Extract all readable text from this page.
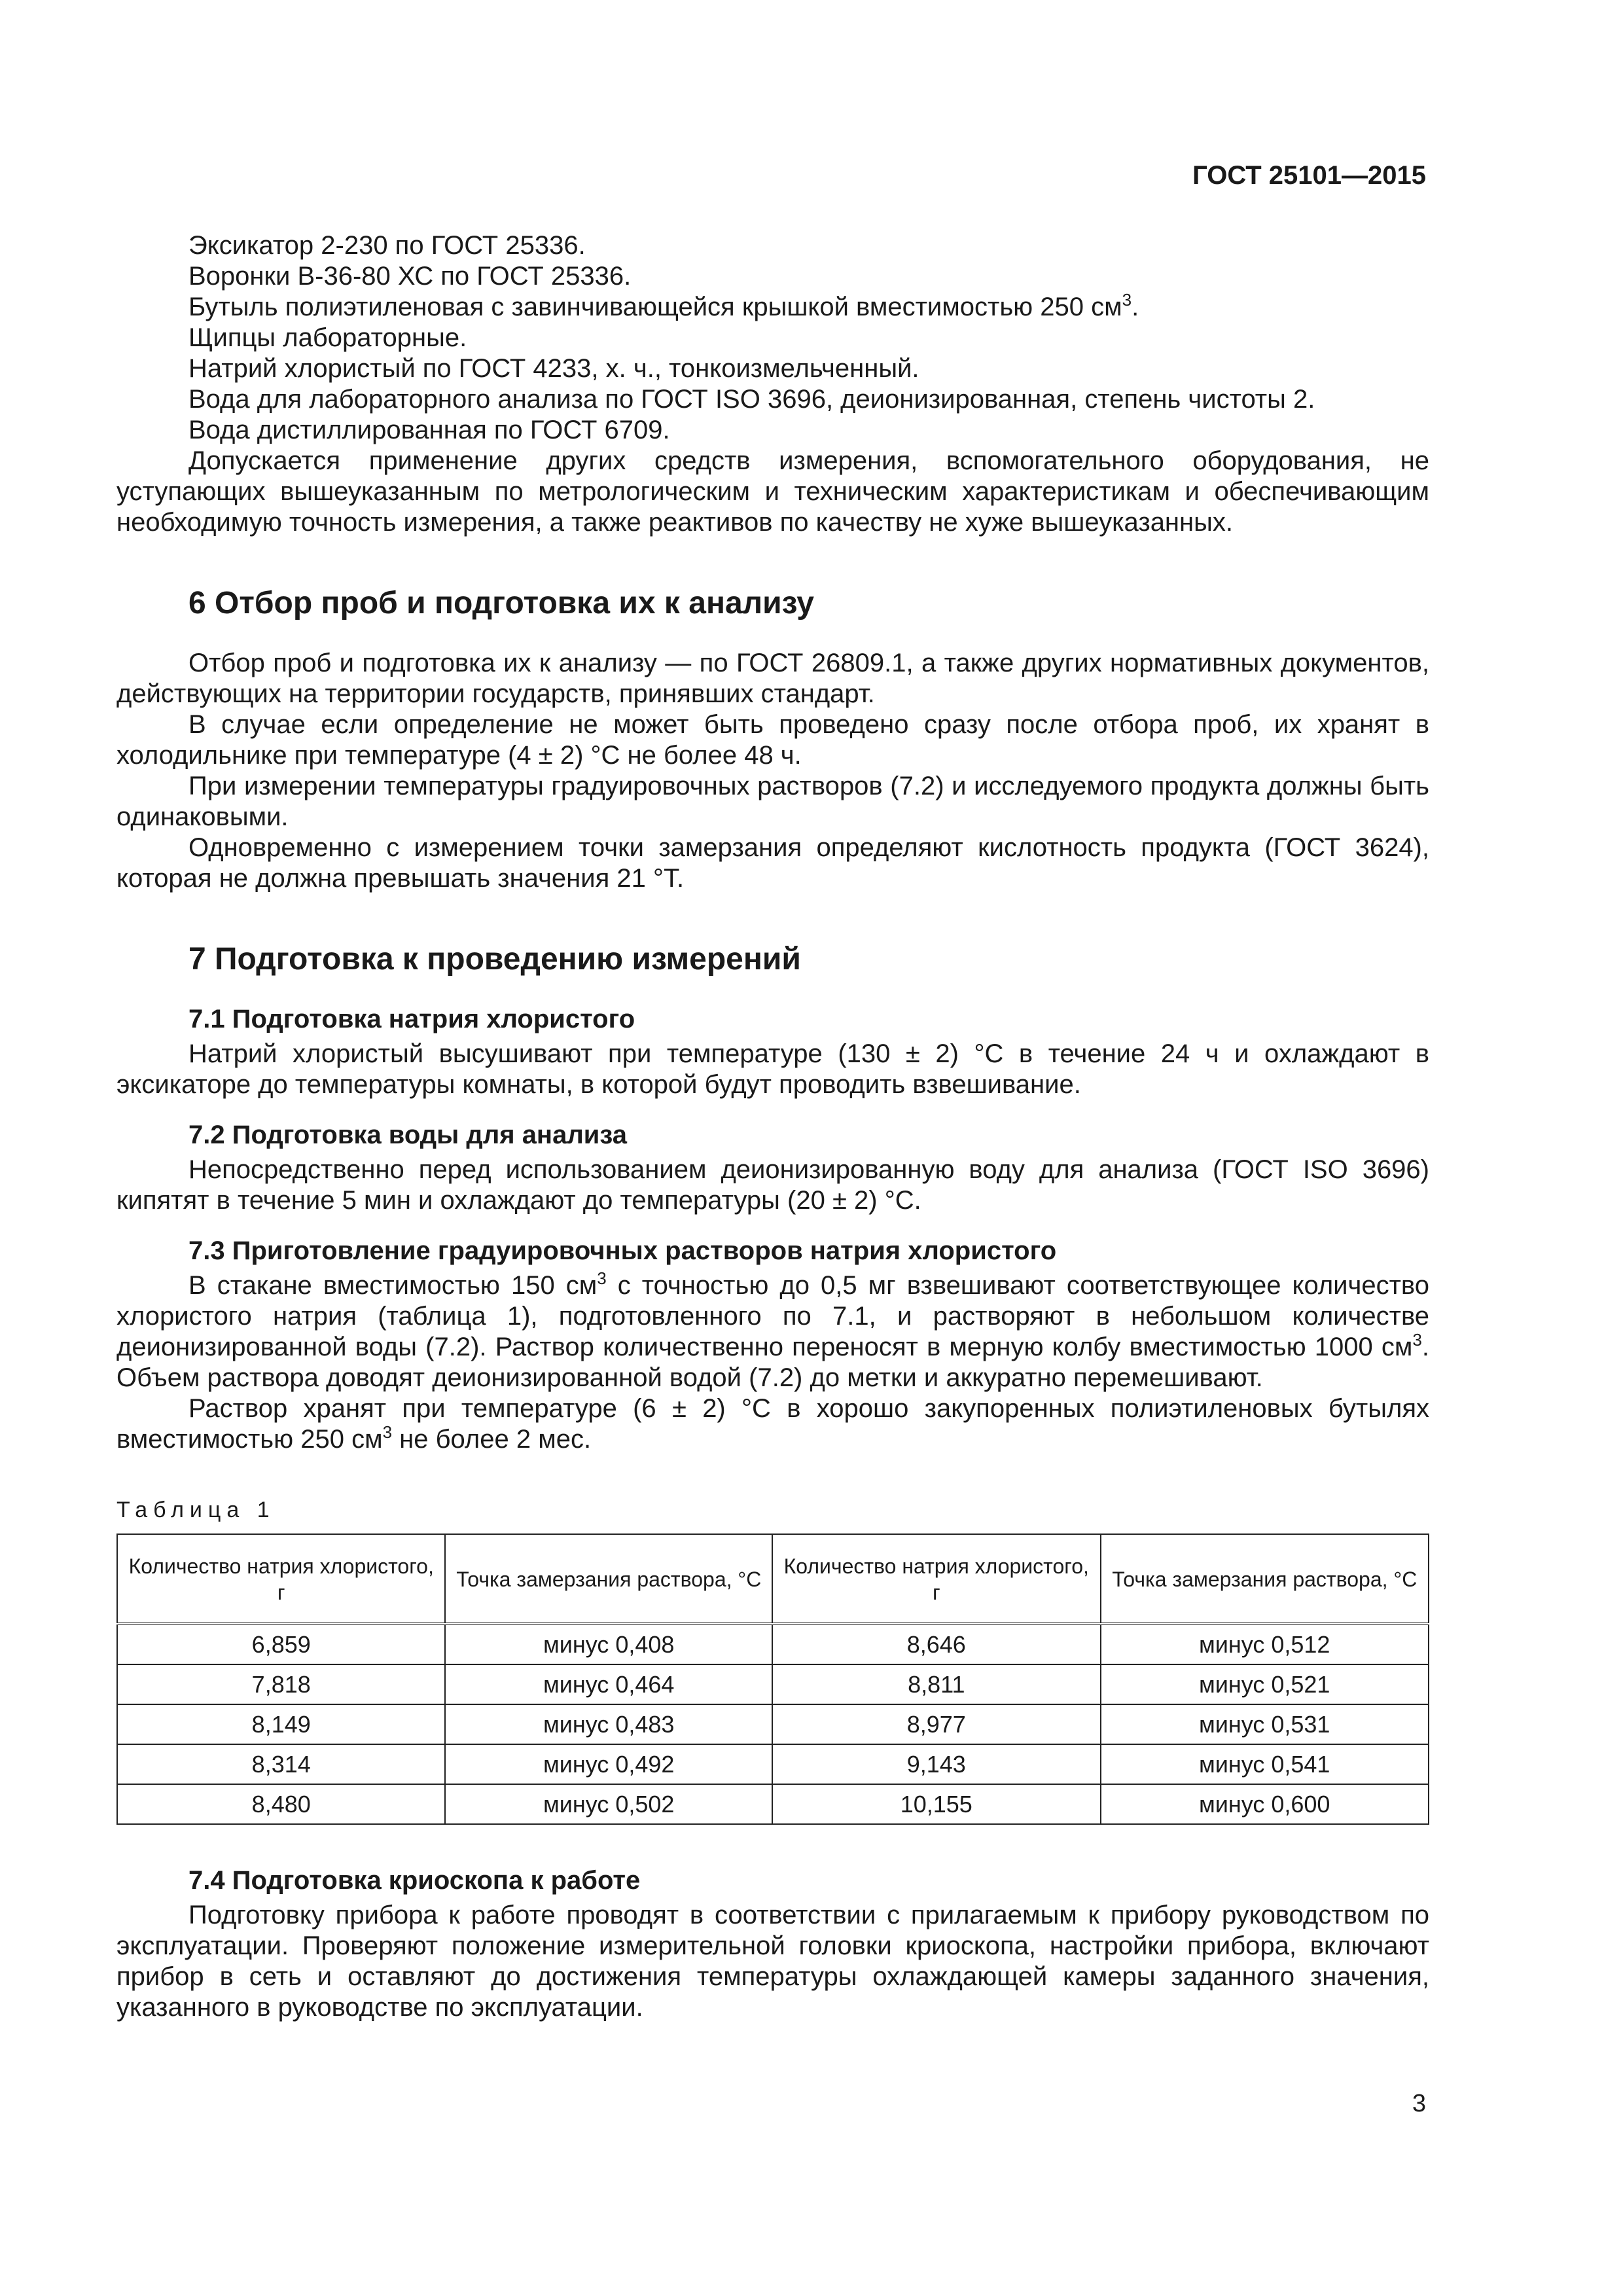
ГОСТ 25101—2015

Эксикатор 2-230 по ГОСТ 25336.

Воронки В-36-80 ХС по ГОСТ 25336.

Бутыль полиэтиленовая с завинчивающейся крышкой вместимостью 250 $см^3$.

Щипцы лабораторные.

Натрий хлористый по ГОСТ 4233, х. ч., тонкоизмельченный.

Вода для лабораторного анализа по ГОСТ ISO 3696, деионизированная, степень чистоты 2.

Вода дистиллированная по ГОСТ 6709.

Допускается применение других средств измерения, вспомогательного оборудования, не уступающих вышеуказанным по метрологическим и техническим характеристикам и обеспечивающим необходимую точность измерения, а также реактивов по качеству не хуже вышеуказанных.

6 Отбор проб и подготовка их к анализу

Отбор проб и подготовка их к анализу — по ГОСТ 26809.1, а также других нормативных документов, действующих на территории государств, принявших стандарт.

В случае если определение не может быть проведено сразу после отбора проб, их хранят в холодильнике при температуре (4 ± 2) °С не более 48 ч.

При измерении температуры градуировочных растворов (7.2) и исследуемого продукта должны быть одинаковыми.

Одновременно с измерением точки замерзания определяют кислотность продукта (ГОСТ 3624), которая не должна превышать значения 21 °Т.

7 Подготовка к проведению измерений
7.1 Подготовка натрия хлористого

Натрий хлористый высушивают при температуре (130 ± 2) °С в течение 24 ч и охлаждают в эксикаторе до температуры комнаты, в которой будут проводить взвешивание.

7.2 Подготовка воды для анализа

Непосредственно перед использованием деионизированную воду для анализа (ГОСТ ISO 3696) кипятят в течение 5 мин и охлаждают до температуры (20 ± 2) °С.

7.3 Приготовление градуировочных растворов натрия хлористого

В стакане вместимостью 150 $см^3$ с точностью до 0,5 мг взвешивают соответствующее количество хлористого натрия (таблица 1), подготовленного по 7.1, и растворяют в небольшом количестве деионизированной воды (7.2). Раствор количественно переносят в мерную колбу вместимостью 1000 $см^3$. Объем раствора доводят деионизированной водой (7.2) до метки и аккуратно перемешивают.

Раствор хранят при температуре (6 ± 2) °С в хорошо закупоренных полиэтиленовых бутылях вместимостью 250 $см^3$ не более 2 мес.

Таблица 1
Количество натрия хлористого, г	Точка замерзания раствора, °С	Количество натрия хлористого, г	Точка замерзания раствора, °С
6,859	минус 0,408	8,646	минус 0,512
7,818	минус 0,464	8,811	минус 0,521
8,149	минус 0,483	8,977	минус 0,531
8,314	минус 0,492	9,143	минус 0,541
8,480	минус 0,502	10,155	минус 0,600
7.4 Подготовка криоскопа к работе

Подготовку прибора к работе проводят в соответствии с прилагаемым к прибору руководством по эксплуатации. Проверяют положение измерительной головки криоскопа, настройки прибора, включают прибор в сеть и оставляют до достижения температуры охлаждающей камеры заданного значения, указанного в руководстве по эксплуатации.

3
